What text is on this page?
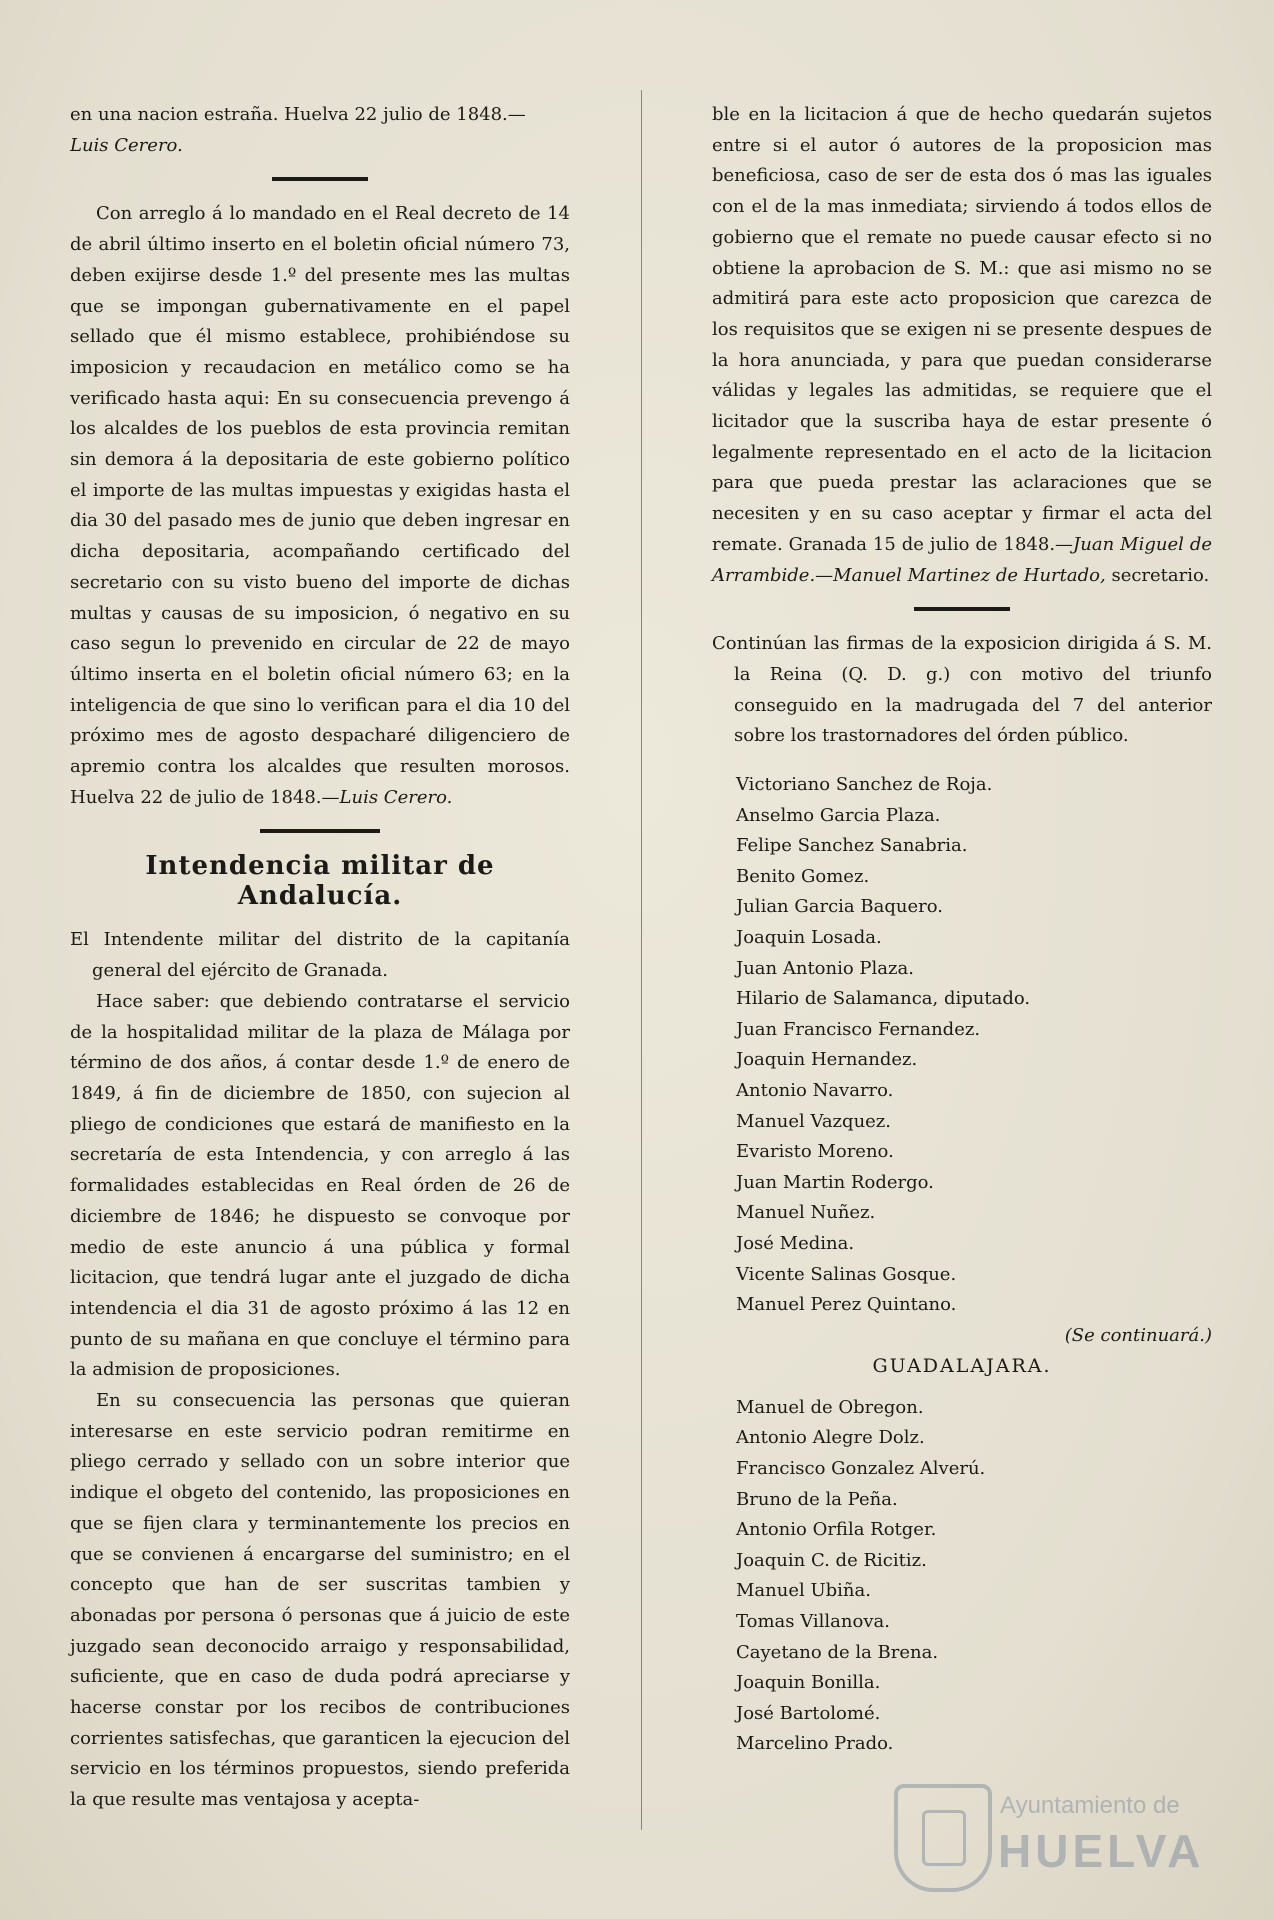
en una nacion estraña. Huelva 22 julio de 1848.—
Luis Cerero.

Con arreglo á lo mandado en el Real decreto de 14 de abril último inserto en el boletin oficial número 73, deben exijirse desde 1.º del presente mes las multas que se impongan gubernativamente en el papel sellado que él mismo establece, prohibiéndose su imposicion y recaudacion en metálico como se ha verificado hasta aqui: En su consecuencia prevengo á los alcaldes de los pueblos de esta provincia remitan sin demora á la depositaria de este gobierno político el importe de las multas impuestas y exigidas hasta el dia 30 del pasado mes de junio que deben ingresar en dicha depositaria, acompañando certificado del secretario con su visto bueno del importe de dichas multas y causas de su imposicion, ó negativo en su caso segun lo prevenido en circular de 22 de mayo último inserta en el boletin oficial número 63; en la inteligencia de que sino lo verifican para el dia 10 del próximo mes de agosto despacharé diligenciero de apremio contra los alcaldes que resulten morosos. Huelva 22 de julio de 1848.—Luis Cerero.

Intendencia militar de Andalucía.

El Intendente militar del distrito de la capitanía general del ejército de Granada.

Hace saber: que debiendo contratarse el servicio de la hospitalidad militar de la plaza de Málaga por término de dos años, á contar desde 1.º de enero de 1849, á fin de diciembre de 1850, con sujecion al pliego de condiciones que estará de manifiesto en la secretaría de esta Intendencia, y con arreglo á las formalidades establecidas en Real órden de 26 de diciembre de 1846; he dispuesto se convoque por medio de este anuncio á una pública y formal licitacion, que tendrá lugar ante el juzgado de dicha intendencia el dia 31 de agosto próximo á las 12 en punto de su mañana en que concluye el término para la admision de proposiciones.

En su consecuencia las personas que quieran interesarse en este servicio podran remitirme en pliego cerrado y sellado con un sobre interior que indique el obgeto del contenido, las proposiciones en que se fijen clara y terminantemente los precios en que se convienen á encargarse del suministro; en el concepto que han de ser suscritas tambien y abonadas por persona ó personas que á juicio de este juzgado sean deconocido arraigo y responsabilidad, suficiente, que en caso de duda podrá apreciarse y hacerse constar por los recibos de contribuciones corrientes satisfechas, que garanticen la ejecucion del servicio en los términos propuestos, siendo preferida la que resulte mas ventajosa y acepta-

ble en la licitacion á que de hecho quedarán sujetos entre si el autor ó autores de la proposicion mas beneficiosa, caso de ser de esta dos ó mas las iguales con el de la mas inmediata; sirviendo á todos ellos de gobierno que el remate no puede causar efecto si no obtiene la aprobacion de S. M.: que asi mismo no se admitirá para este acto proposicion que carezca de los requisitos que se exigen ni se presente despues de la hora anunciada, y para que puedan considerarse válidas y legales las admitidas, se requiere que el licitador que la suscriba haya de estar presente ó legalmente representado en el acto de la licitacion para que pueda prestar las aclaraciones que se necesiten y en su caso aceptar y firmar el acta del remate. Granada 15 de julio de 1848.—Juan Miguel de Arrambide.—Manuel Martinez de Hurtado, secretario.

Continúan las firmas de la exposicion dirigida á S. M. la Reina (Q. D. g.) con motivo del triunfo conseguido en la madrugada del 7 del anterior sobre los trastornadores del órden público.

Victoriano Sanchez de Roja.
Anselmo Garcia Plaza.
Felipe Sanchez Sanabria.
Benito Gomez.
Julian Garcia Baquero.
Joaquin Losada.
Juan Antonio Plaza.
Hilario de Salamanca, diputado.
Juan Francisco Fernandez.
Joaquin Hernandez.
Antonio Navarro.
Manuel Vazquez.
Evaristo Moreno.
Juan Martin Rodergo.
Manuel Nuñez.
José Medina.
Vicente Salinas Gosque.
Manuel Perez Quintano.
(Se continuará.)
GUADALAJARA.
Manuel de Obregon.
Antonio Alegre Dolz.
Francisco Gonzalez Alverú.
Bruno de la Peña.
Antonio Orfila Rotger.
Joaquin C. de Ricitiz.
Manuel Ubiña.
Tomas Villanova.
Cayetano de la Brena.
Joaquin Bonilla.
José Bartolomé.
Marcelino Prado.
Ayuntamiento de
HUELVA
